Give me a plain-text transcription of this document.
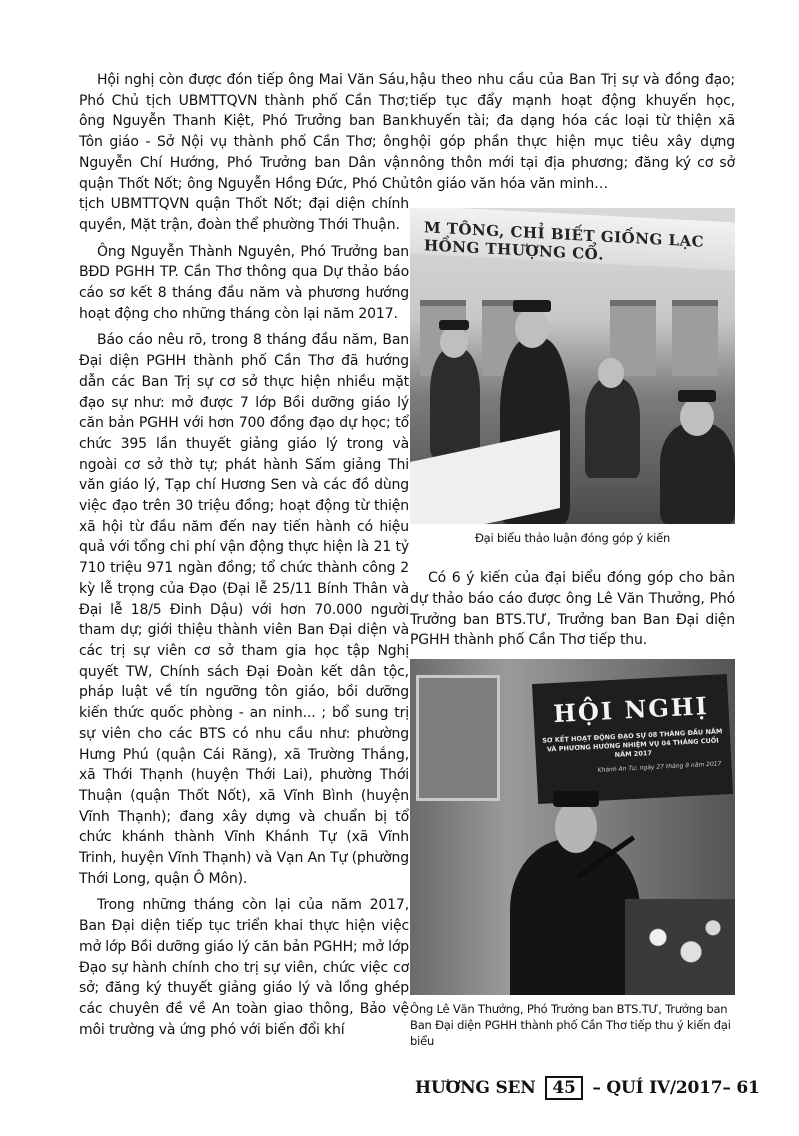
Hội nghị còn được đón tiếp ông Mai Văn Sáu, Phó Chủ tịch UBMTTQVN thành phố Cần Thơ; ông Nguyễn Thanh Kiệt, Phó Trưởng ban Ban Tôn giáo - Sở Nội vụ thành phố Cần Thơ; ông Nguyễn Chí Hướng, Phó Trưởng ban Dân vận quận Thốt Nốt; ông Nguyễn Hồng Đức, Phó Chủ tịch UBMTTQVN quận Thốt Nốt; đại diện chính quyền, Mặt trận, đoàn thể phường Thới Thuận.

Ông Nguyễn Thành Nguyên, Phó Trưởng ban BĐD PGHH TP. Cần Thơ thông qua Dự thảo báo cáo sơ kết 8 tháng đầu năm và phương hướng hoạt động cho những tháng còn lại năm 2017.

Báo cáo nêu rõ, trong 8 tháng đầu năm, Ban Đại diện PGHH thành phố Cần Thơ đã hướng dẫn các Ban Trị sự cơ sở thực hiện nhiều mặt đạo sự như: mở được 7 lớp Bồi dưỡng giáo lý căn bản PGHH với hơn 700 đồng đạo dự học; tổ chức 395 lần thuyết giảng giáo lý trong và ngoài cơ sở thờ tự; phát hành Sấm giảng Thi văn giáo lý, Tạp chí Hương Sen và các đồ dùng việc đạo trên 30 triệu đồng; hoạt động từ thiện xã hội từ đầu năm đến nay tiến hành có hiệu quả với tổng chi phí vận động thực hiện là 21 tỷ 710 triệu 971 ngàn đồng; tổ chức thành công 2 kỳ lễ trọng của Đạo (Đại lễ 25/11 Bính Thân và Đại lễ 18/5 Đinh Dậu) với hơn 70.000 người tham dự; giới thiệu thành viên Ban Đại diện và các trị sự viên cơ sở tham gia học tập Nghị quyết TW, Chính sách Đại Đoàn kết dân tộc, pháp luật về tín ngưỡng tôn giáo, bồi dưỡng kiến thức quốc phòng - an ninh... ; bổ sung trị sự viên cho các BTS có nhu cầu như: phường Hưng Phú (quận Cái Răng), xã Trường Thắng, xã Thới Thạnh (huyện Thới Lai), phường Thới Thuận (quận Thốt Nốt), xã Vĩnh Bình (huyện Vĩnh Thạnh); đang xây dựng và chuẩn bị tổ chức khánh thành Vĩnh Khánh Tự (xã Vĩnh Trinh, huyện Vĩnh Thạnh) và Vạn An Tự (phường Thới Long, quận Ô Môn).

Trong những tháng còn lại của năm 2017, Ban Đại diện tiếp tục triển khai thực hiện việc mở lớp Bồi dưỡng giáo lý căn bản PGHH; mở lớp Đạo sự hành chính cho trị sự viên, chức việc cơ sở; đăng ký thuyết giảng giáo lý và lồng ghép các chuyên đề về An toàn giao thông, Bảo vệ môi trường và ứng phó với biến đổi khí

hậu theo nhu cầu của Ban Trị sự và đồng đạo; tiếp tục đẩy mạnh hoạt động khuyến học, khuyến tài; đa dạng hóa các loại từ thiện xã hội góp phần thực hiện mục tiêu xây dựng nông thôn mới tại địa phương; đăng ký cơ sở tôn giáo văn hóa văn minh…

M TÔNG, CHỈ BIẾT GIỐNG LẠC HỒNG THƯỢNG CỔ.

Đại biểu thảo luận đóng góp ý kiến

Có 6 ý kiến của đại biểu đóng góp cho bản dự thảo báo cáo được ông Lê Văn Thưởng, Phó Trưởng ban BTS.TƯ, Trưởng ban Ban Đại diện PGHH thành phố Cần Thơ tiếp thu.

HỘI NGHỊ
SƠ KẾT HOẠT ĐỘNG ĐẠO SỰ 08 THÁNG ĐẦU NĂM VÀ PHƯƠNG HƯỚNG NHIỆM VỤ 04 THÁNG CUỐI NĂM 2017
Khánh An Tự, ngày 27 tháng 8 năm 2017

Ông Lê Văn Thưởng, Phó Trưởng ban BTS.TƯ, Trưởng ban Ban Đại diện PGHH thành phố Cần Thơ tiếp thu ý kiến đại biểu

HƯƠNG SEN 45 – QUÍ IV/2017– 61
